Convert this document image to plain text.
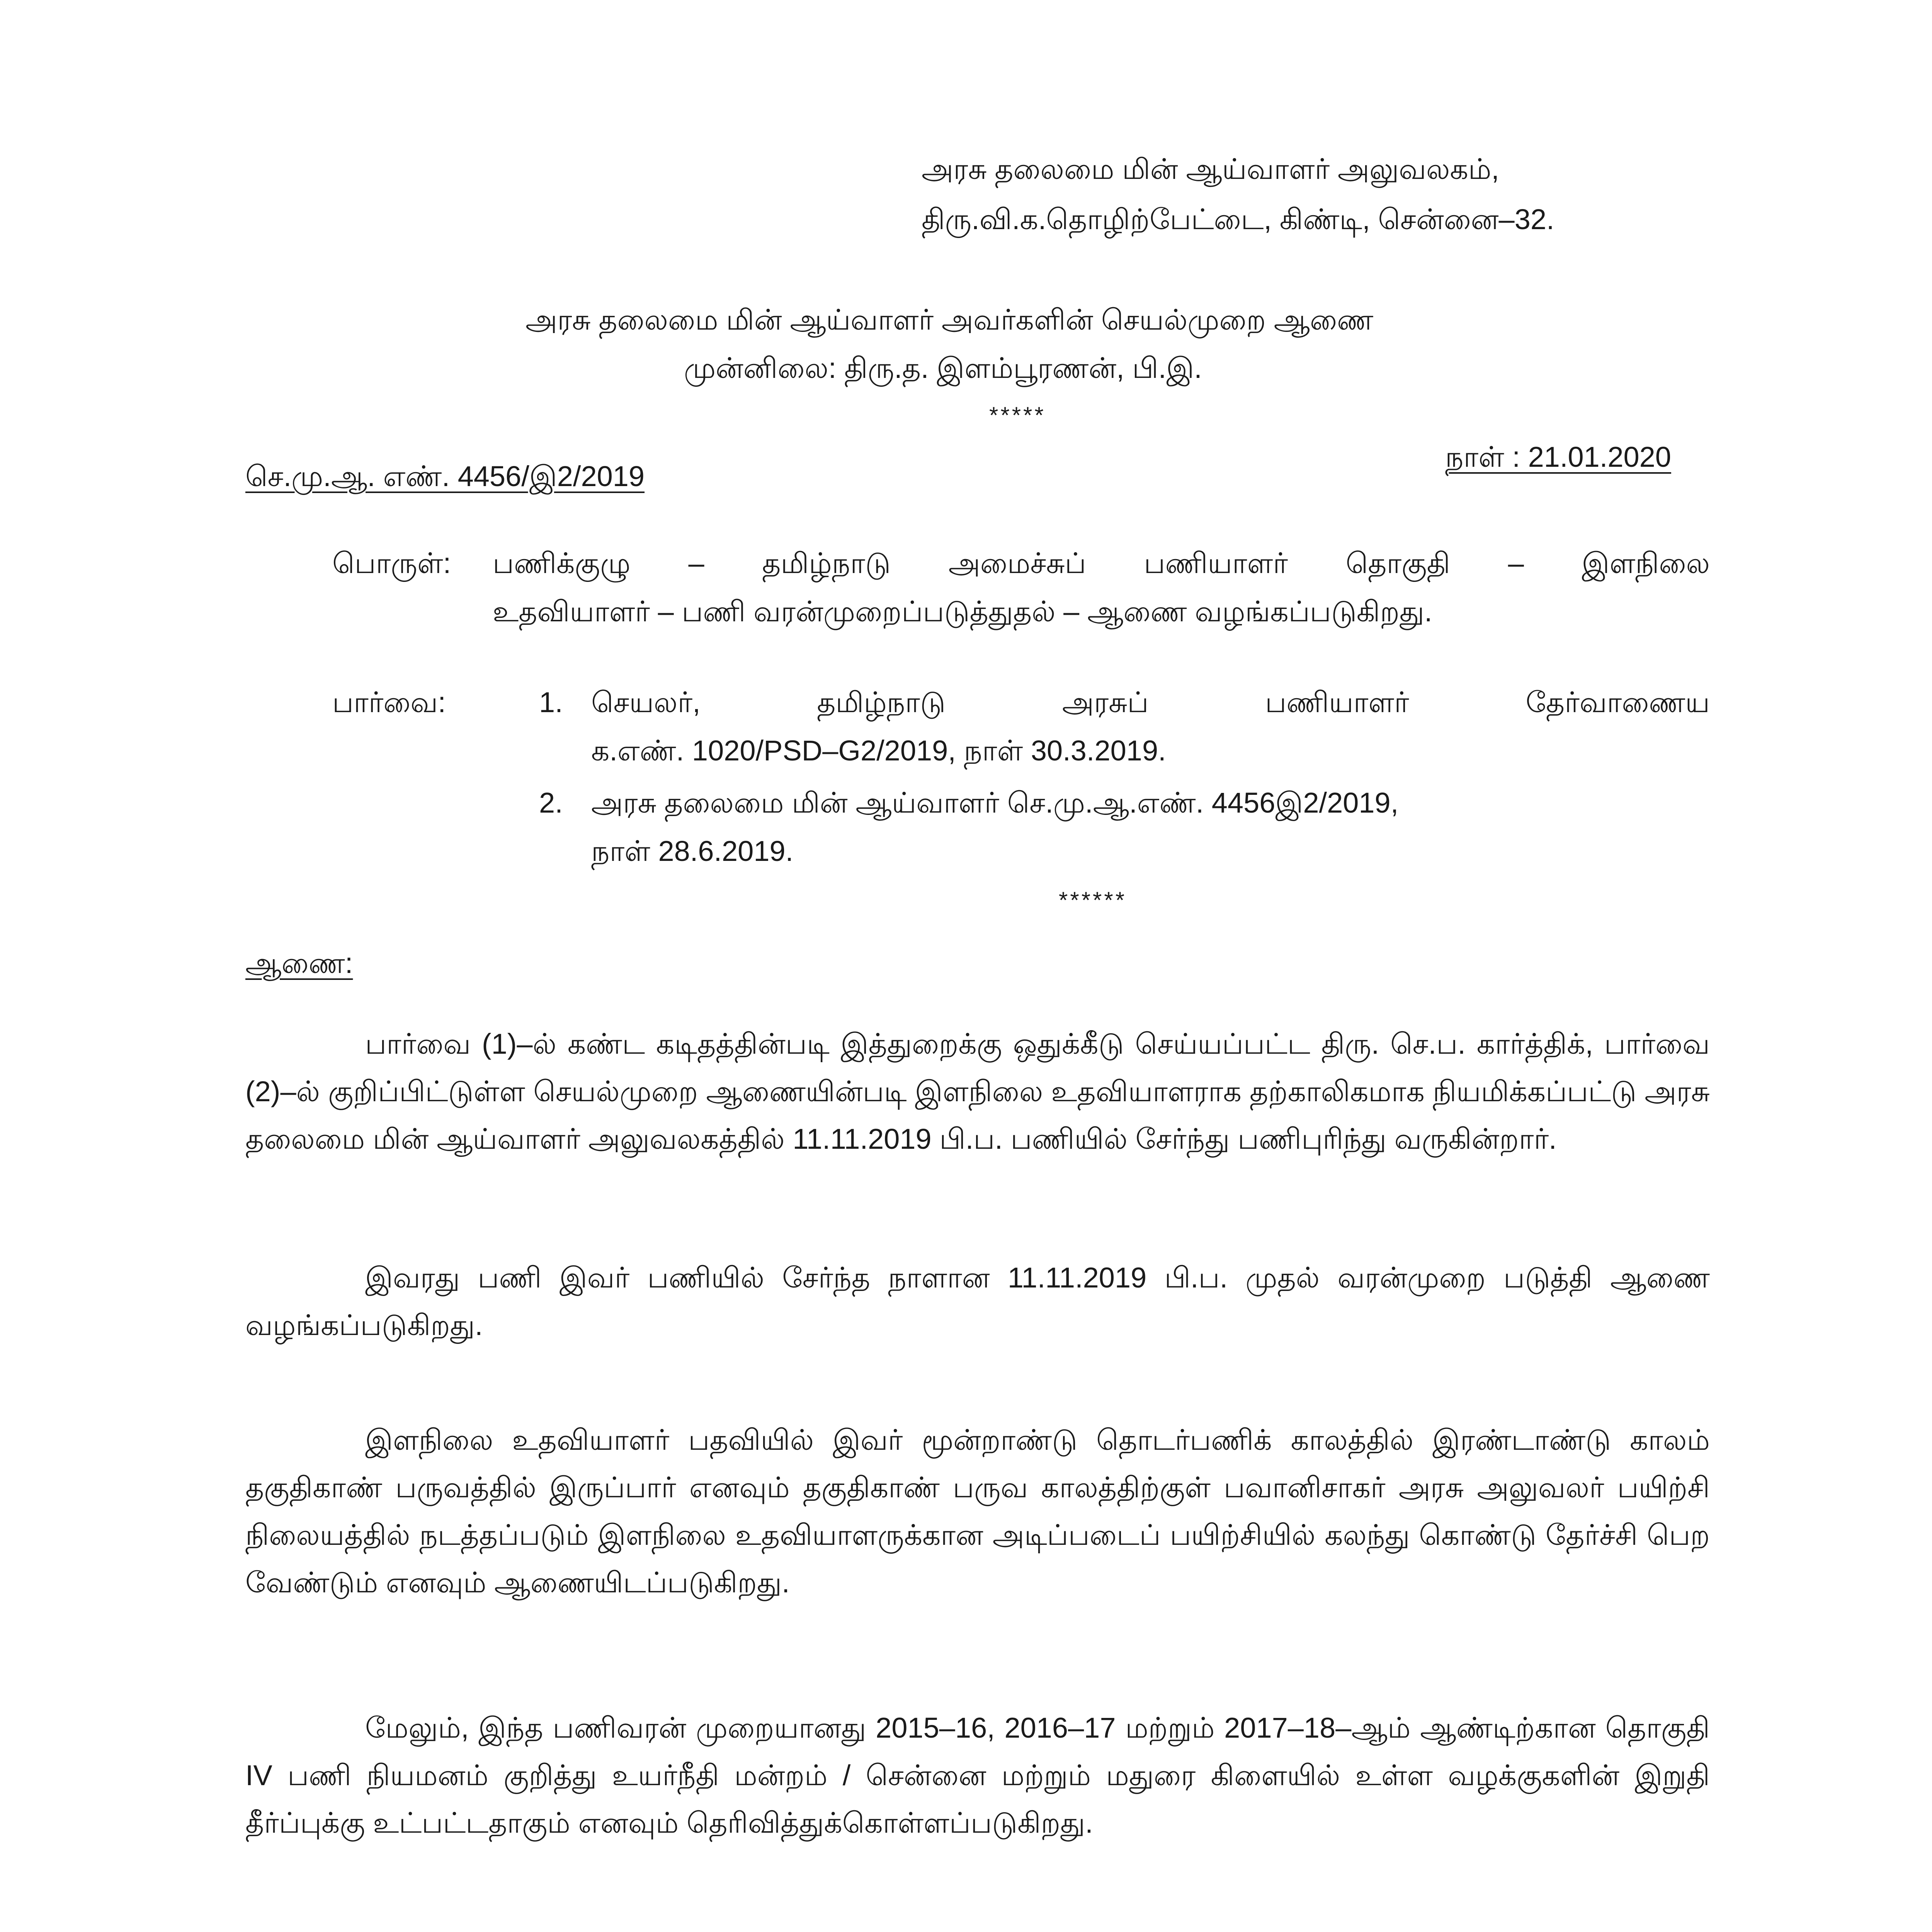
அரசு தலைமை மின் ஆய்வாளர் அலுவலகம்,
திரு.வி.க.தொழிற்பேட்டை, கிண்டி, சென்னை–32.
அரசு தலைமை மின் ஆய்வாளர் அவர்களின் செயல்முறை ஆணை
முன்னிலை: திரு.த. இளம்பூரணன், பி.இ.
*****
செ.மு.ஆ. எண். 4456/இ2/2019
நாள் : 21.01.2020
பொருள்: பணிக்குழு – தமிழ்நாடு அமைச்சுப் பணியாளர் தொகுதி – இளநிலை
உதவியாளர் – பணி வரன்முறைப்படுத்துதல் – ஆணை வழங்கப்படுகிறது.
பார்வை:	1. செயலர், தமிழ்நாடு அரசுப் பணியாளர் தேர்வாணைய
க.எண். 1020/PSD–G2/2019, நாள் 30.3.2019.
2. அரசு தலைமை மின் ஆய்வாளர் செ.மு.ஆ.எண். 4456இ2/2019,
நாள் 28.6.2019.
******
ஆணை:
பார்வை (1)–ல் கண்ட கடிதத்தின்படி இத்துறைக்கு ஒதுக்கீடு செய்யப்பட்ட திரு. செ.ப. கார்த்திக், பார்வை (2)–ல் குறிப்பிட்டுள்ள செயல்முறை ஆணையின்படி இளநிலை உதவியாளராக தற்காலிகமாக நியமிக்கப்பட்டு அரசு தலைமை மின் ஆய்வாளர் அலுவலகத்தில் 11.11.2019 பி.ப. பணியில் சேர்ந்து பணிபுரிந்து வருகின்றார்.
இவரது பணி இவர் பணியில் சேர்ந்த நாளான 11.11.2019 பி.ப. முதல் வரன்முறை படுத்தி ஆணை வழங்கப்படுகிறது.
இளநிலை உதவியாளர் பதவியில் இவர் மூன்றாண்டு தொடர்பணிக் காலத்தில் இரண்டாண்டு காலம் தகுதிகாண் பருவத்தில் இருப்பார் எனவும் தகுதிகாண் பருவ காலத்திற்குள் பவானிசாகர் அரசு அலுவலர் பயிற்சி நிலையத்தில் நடத்தப்படும் இளநிலை உதவியாளருக்கான அடிப்படைப் பயிற்சியில் கலந்து கொண்டு தேர்ச்சி பெற வேண்டும் எனவும் ஆணையிடப்படுகிறது.
மேலும், இந்த பணிவரன் முறையானது 2015–16, 2016–17 மற்றும் 2017–18–ஆம் ஆண்டிற்கான தொகுதி IV பணி நியமனம் குறித்து உயர்நீதி மன்றம் / சென்னை மற்றும் மதுரை கிளையில் உள்ள வழக்குகளின் இறுதி தீர்ப்புக்கு உட்பட்டதாகும் எனவும் தெரிவித்துக்கொள்ளப்படுகிறது.
